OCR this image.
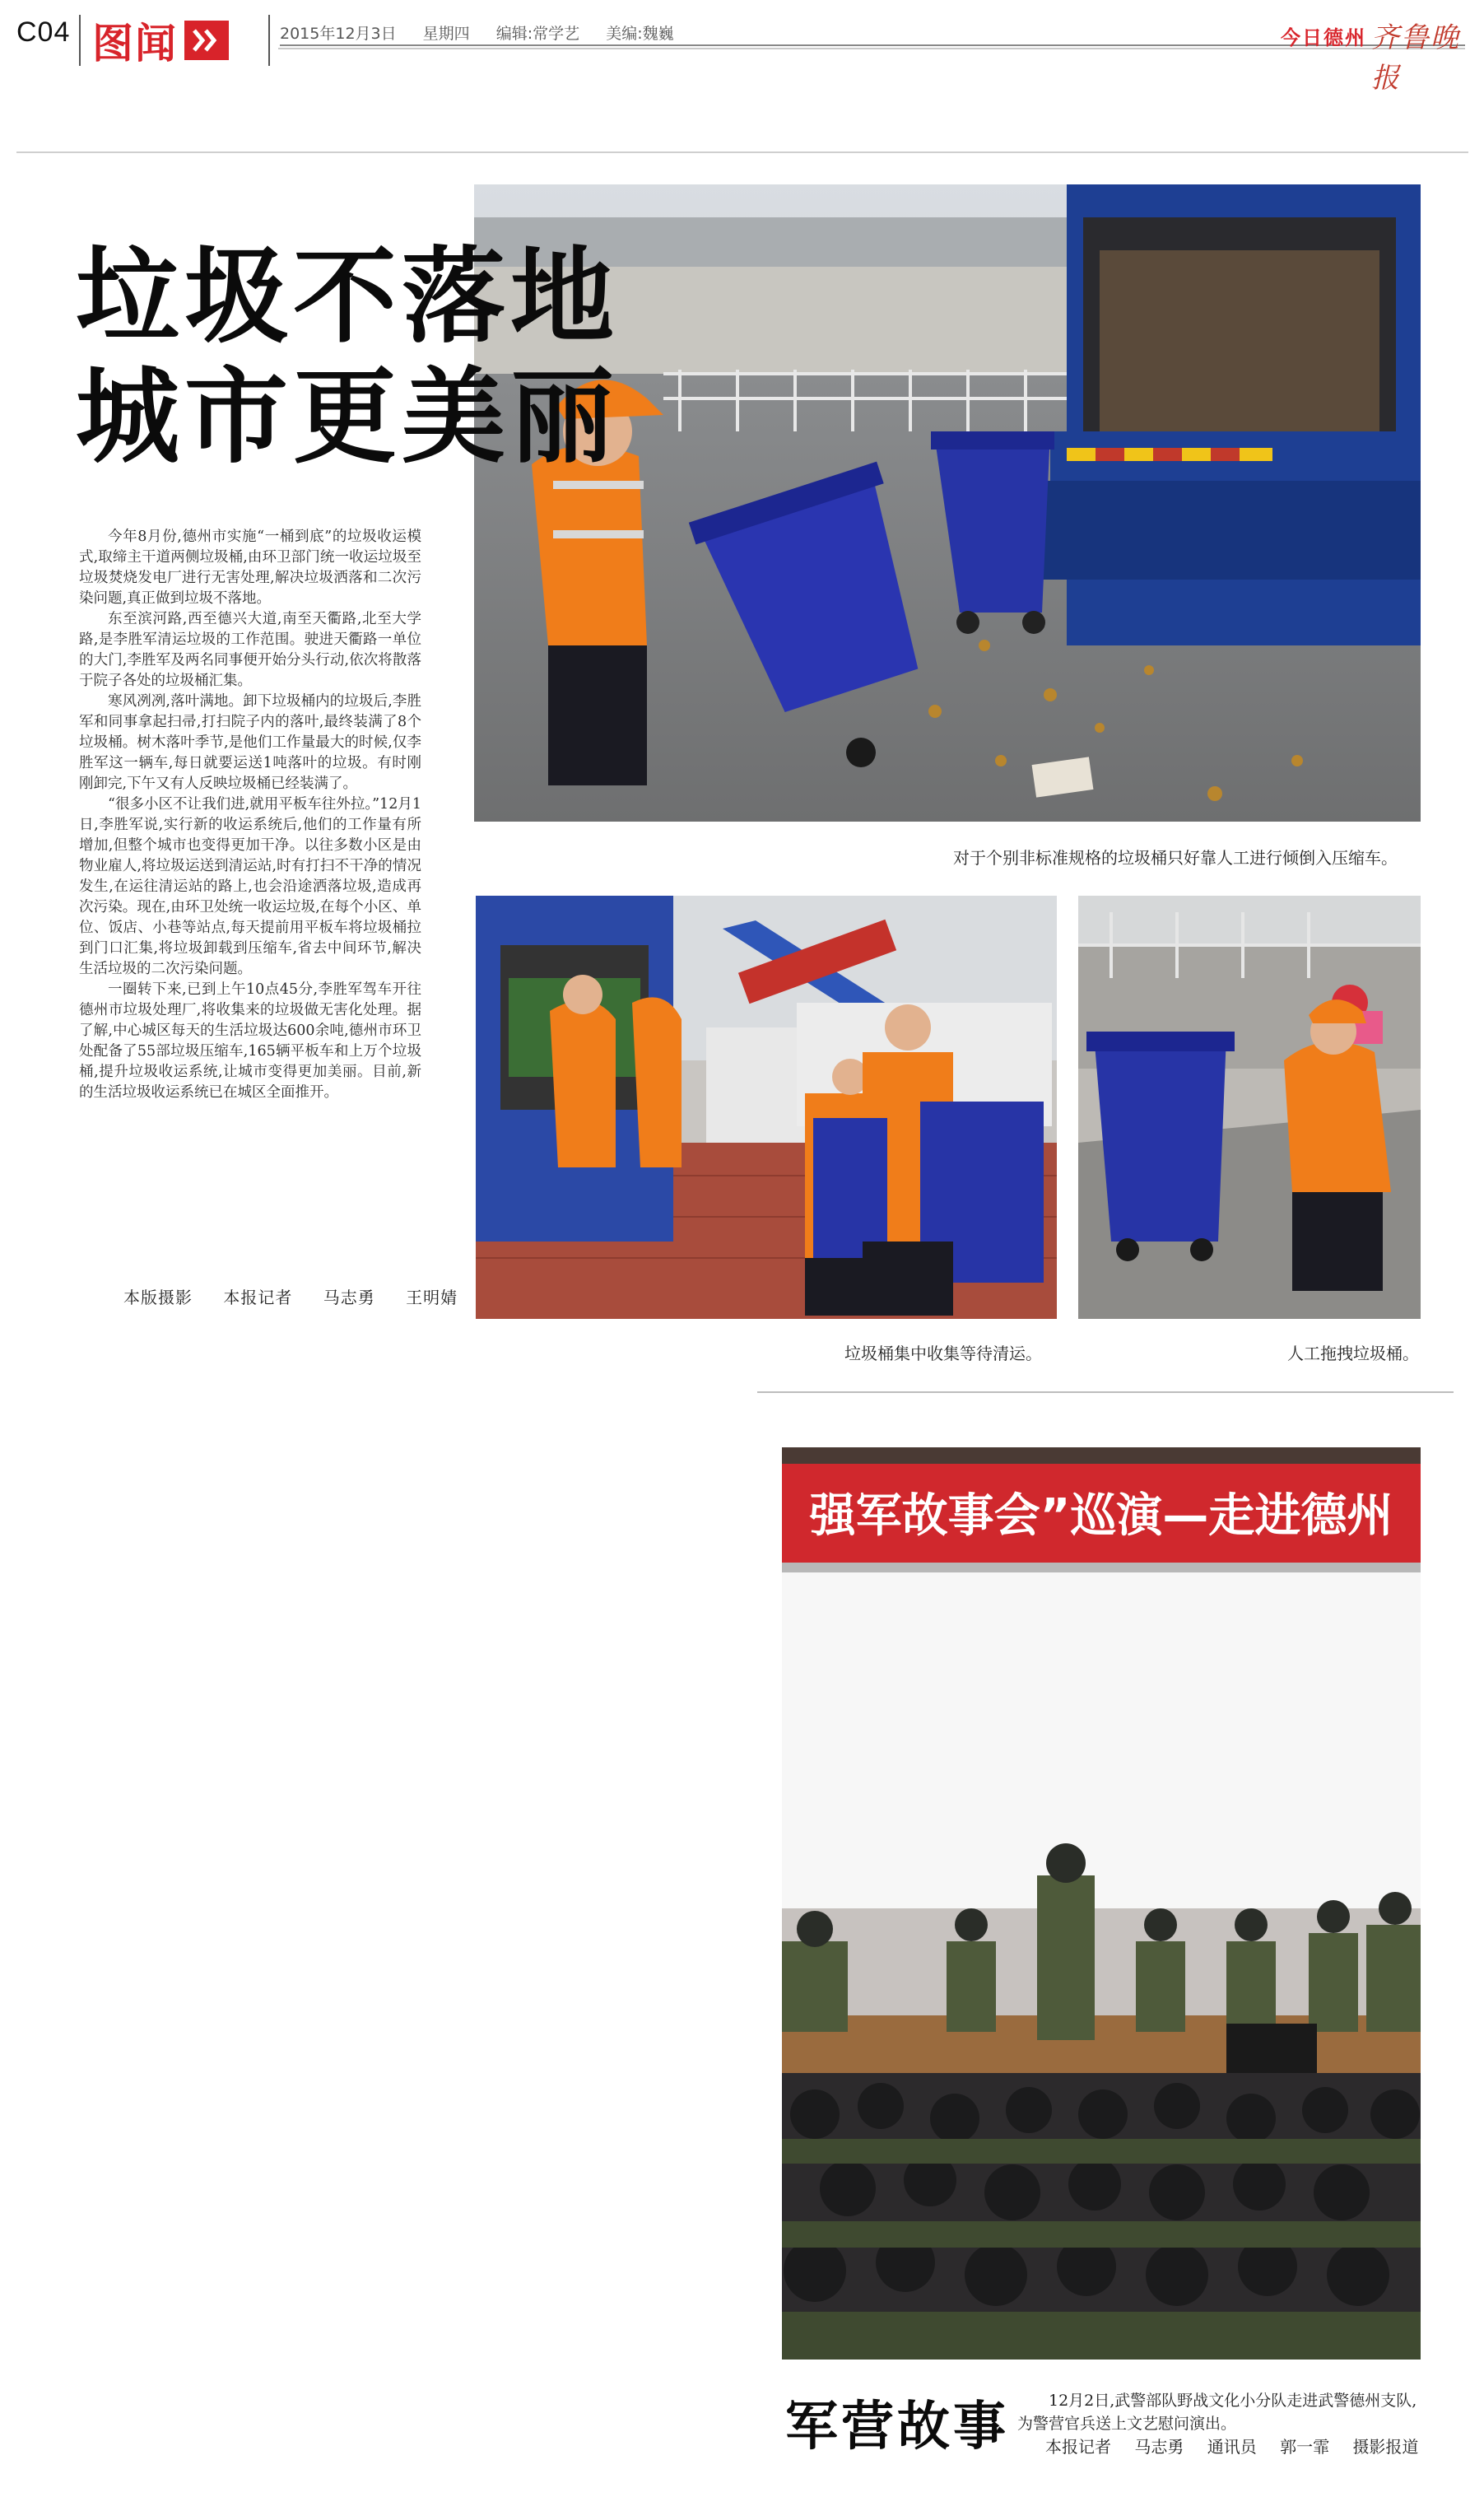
C04 图闻	2015年12月3日 星期四 编辑:常学艺 美编:魏巍	今日德州 齐鲁晚报
垃圾不落地
城市更美丽

今年8月份,德州市实施“一桶到底”的垃圾收运模式,取缔主干道两侧垃圾桶,由环卫部门统一收运垃圾至垃圾焚烧发电厂进行无害处理,解决垃圾洒落和二次污染问题,真正做到垃圾不落地。

东至滨河路,西至德兴大道,南至天衢路,北至大学路,是李胜军清运垃圾的工作范围。驶进天衢路一单位的大门,李胜军及两名同事便开始分头行动,依次将散落于院子各处的垃圾桶汇集。

寒风冽冽,落叶满地。卸下垃圾桶内的垃圾后,李胜军和同事拿起扫帚,打扫院子内的落叶,最终装满了8个垃圾桶。树木落叶季节,是他们工作量最大的时候,仅李胜军这一辆车,每日就要运送1吨落叶的垃圾。有时刚刚卸完,下午又有人反映垃圾桶已经装满了。

“很多小区不让我们进,就用平板车往外拉。”12月1日,李胜军说,实行新的收运系统后,他们的工作量有所增加,但整个城市也变得更加干净。以往多数小区是由物业雇人,将垃圾运送到清运站,时有打扫不干净的情况发生,在运往清运站的路上,也会沿途洒落垃圾,造成再次污染。现在,由环卫处统一收运垃圾,在每个小区、单位、饭店、小巷等站点,每天提前用平板车将垃圾桶拉到门口汇集,将垃圾卸载到压缩车,省去中间环节,解决生活垃圾的二次污染问题。

一圈转下来,已到上午10点45分,李胜军驾车开往德州市垃圾处理厂,将收集来的垃圾做无害化处理。据了解,中心城区每天的生活垃圾达600余吨,德州市环卫处配备了55部垃圾压缩车,165辆平板车和上万个垃圾桶,提升垃圾收运系统,让城市变得更加美丽。目前,新的生活垃圾收运系统已在城区全面推开。

本版摄影 本报记者 马志勇 王明婧
对于个别非标准规格的垃圾桶只好靠人工进行倾倒入压缩车。
垃圾桶集中收集等待清运。	人工拖拽垃圾桶。
强军故事会”巡演—走进德州
军营故事	12月2日,武警部队野战文化小分队走进武警德州支队,为警营官兵送上文艺慰问演出。

本报记者 马志勇 通讯员 郭一霏 摄影报道
